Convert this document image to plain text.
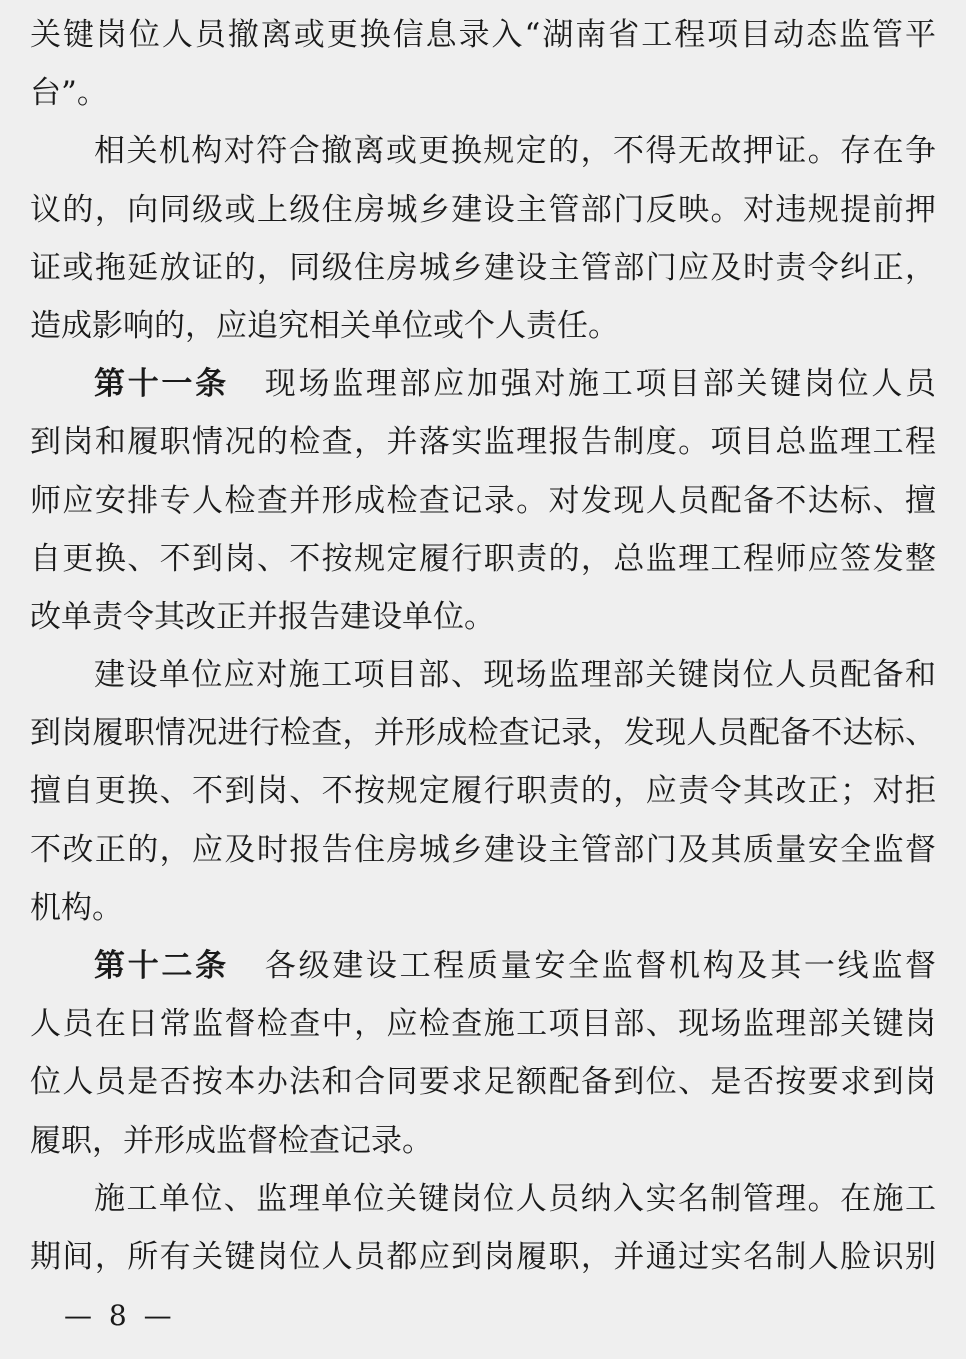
关键岗位人员撤离或更换信息录入“湖南省工程项目动态监管平
台”。
相关机构对符合撤离或更换规定的，不得无故押证。存在争
议的，向同级或上级住房城乡建设主管部门反映。对违规提前押
证或拖延放证的，同级住房城乡建设主管部门应及时责令纠正，
造成影响的，应追究相关单位或个人责任。
第十一条 现场监理部应加强对施工项目部关键岗位人员
到岗和履职情况的检查，并落实监理报告制度。项目总监理工程
师应安排专人检查并形成检查记录。对发现人员配备不达标、擅
自更换、不到岗、不按规定履行职责的，总监理工程师应签发整
改单责令其改正并报告建设单位。
建设单位应对施工项目部、现场监理部关键岗位人员配备和
到岗履职情况进行检查，并形成检查记录，发现人员配备不达标、
擅自更换、不到岗、不按规定履行职责的，应责令其改正；对拒
不改正的，应及时报告住房城乡建设主管部门及其质量安全监督
机构。
第十二条 各级建设工程质量安全监督机构及其一线监督
人员在日常监督检查中，应检查施工项目部、现场监理部关键岗
位人员是否按本办法和合同要求足额配备到位、是否按要求到岗
履职，并形成监督检查记录。
施工单位、监理单位关键岗位人员纳入实名制管理。在施工
期间，所有关键岗位人员都应到岗履职，并通过实名制人脸识别
— 8 —
